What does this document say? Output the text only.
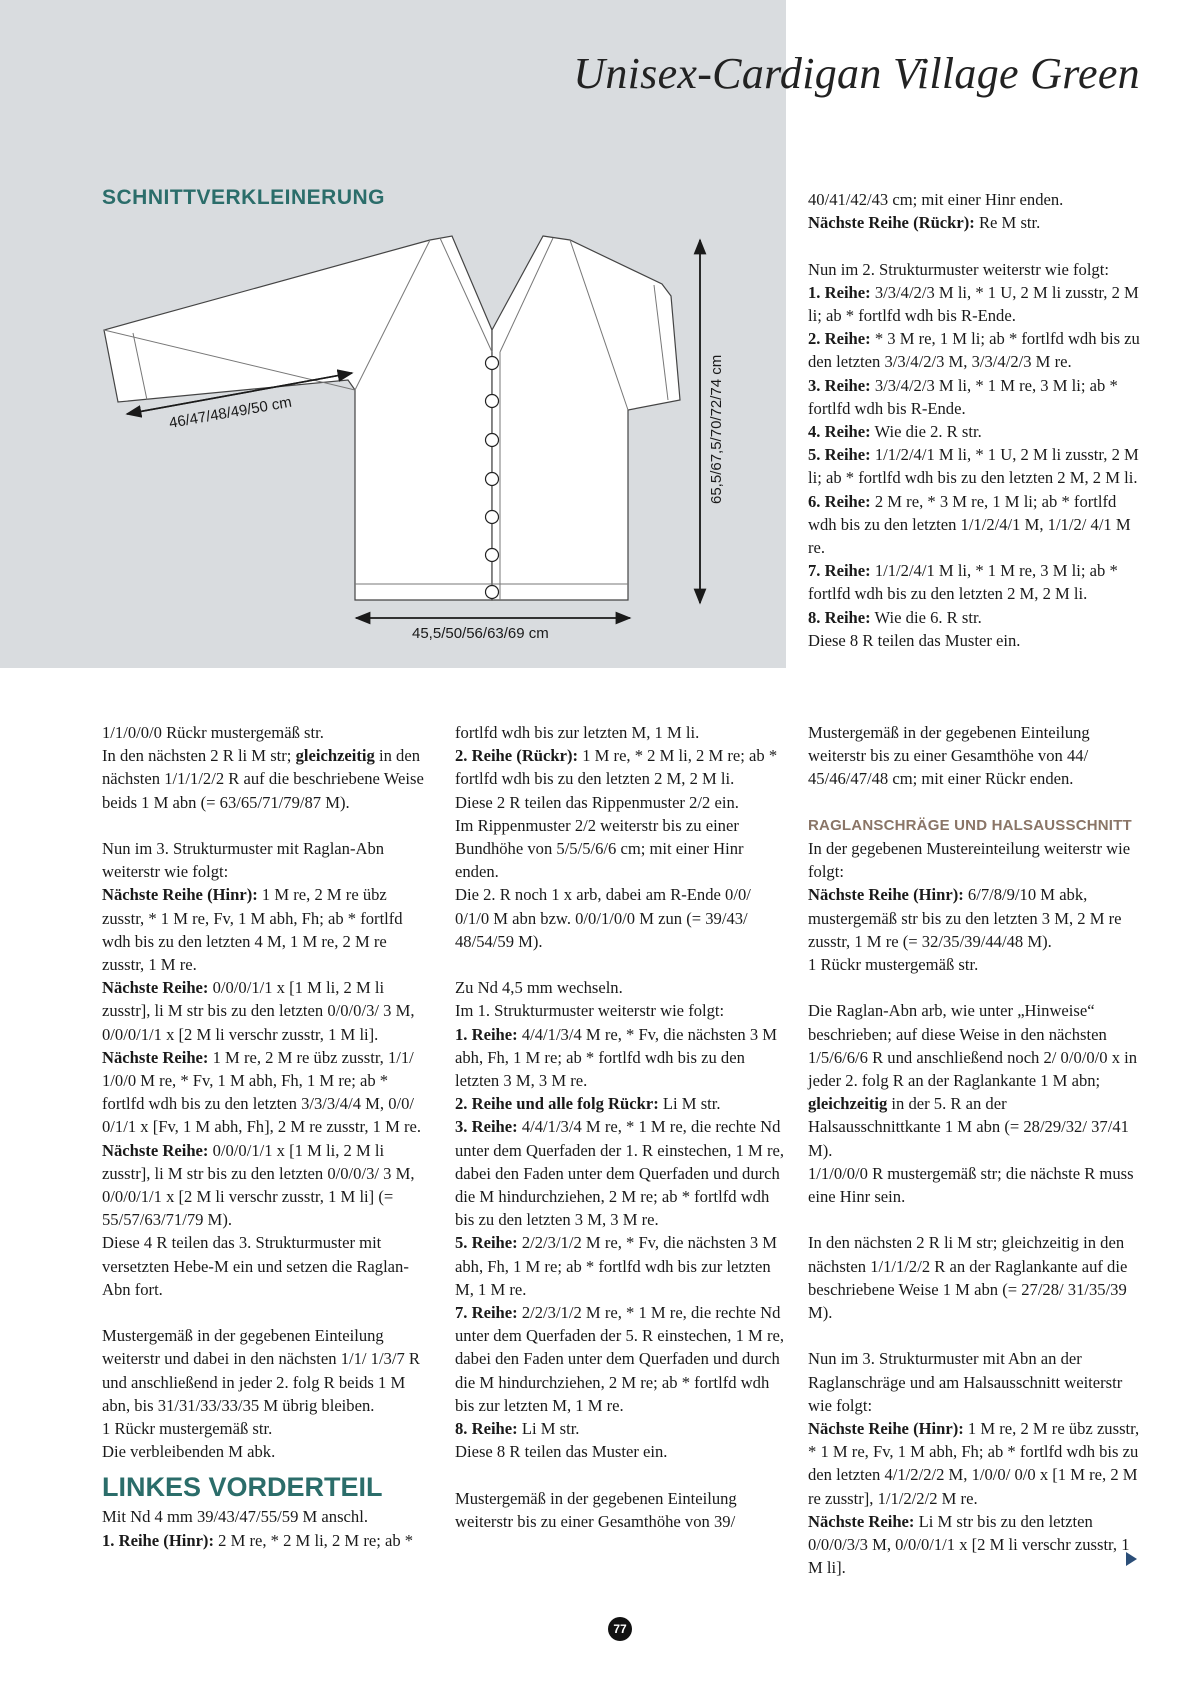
Unisex-Cardigan Village Green
SCHNITTVERKLEINERUNG
46/47/48/49/50 cm
45,5/50/56/63/69 cm
65,5/67,5/70/72/74 cm

40/41/42/43 cm; mit einer Hinr enden.

Nächste Reihe (Rückr): Re M str.

Nun im 2. Strukturmuster weiterstr wie folgt:

1. Reihe: 3/3/4/2/3 M li, * 1 U, 2 M li zusstr, 2 M li; ab * fortlfd wdh bis R-Ende.

2. Reihe: * 3 M re, 1 M li; ab * fortlfd wdh bis zu den letzten 3/3/4/2/3 M, 3/3/4/2/3 M re.

3. Reihe: 3/3/4/2/3 M li, * 1 M re, 3 M li; ab * fortlfd wdh bis R-Ende.

4. Reihe: Wie die 2. R str.

5. Reihe: 1/1/2/4/1 M li, * 1 U, 2 M li zusstr, 2 M li; ab * fortlfd wdh bis zu den letzten 2 M, 2 M li.

6. Reihe: 2 M re, * 3 M re, 1 M li; ab * fortlfd wdh bis zu den letzten 1/1/2/4/1 M, 1/1/2/ 4/1 M re.

7. Reihe: 1/1/2/4/1 M li, * 1 M re, 3 M li; ab * fortlfd wdh bis zu den letzten 2 M, 2 M li.

8. Reihe: Wie die 6. R str.

Diese 8 R teilen das Muster ein.

1/1/0/0/0 Rückr mustergemäß str.

In den nächsten 2 R li M str; gleichzeitig in den nächsten 1/1/1/2/2 R auf die beschriebene Weise beids 1 M abn (= 63/65/71/79/87 M).

Nun im 3. Strukturmuster mit Raglan-Abn weiterstr wie folgt:

Nächste Reihe (Hinr): 1 M re, 2 M re übz zusstr, * 1 M re, Fv, 1 M abh, Fh; ab * fortlfd wdh bis zu den letzten 4 M, 1 M re, 2 M re zusstr, 1 M re.

Nächste Reihe: 0/0/0/1/1 x [1 M li, 2 M li zusstr], li M str bis zu den letzten 0/0/0/3/ 3 M, 0/0/0/1/1 x [2 M li verschr zusstr, 1 M li].

Nächste Reihe: 1 M re, 2 M re übz zusstr, 1/1/ 1/0/0 M re, * Fv, 1 M abh, Fh, 1 M re; ab * fortlfd wdh bis zu den letzten 3/3/3/4/4 M, 0/0/ 0/1/1 x [Fv, 1 M abh, Fh], 2 M re zusstr, 1 M re.

Nächste Reihe: 0/0/0/1/1 x [1 M li, 2 M li zusstr], li M str bis zu den letzten 0/0/0/3/ 3 M, 0/0/0/1/1 x [2 M li verschr zusstr, 1 M li] (= 55/57/63/71/79 M).

Diese 4 R teilen das 3. Strukturmuster mit versetzten Hebe-M ein und setzen die Raglan-Abn fort.

Mustergemäß in der gegebenen Einteilung weiterstr und dabei in den nächsten 1/1/ 1/3/7 R und anschließend in jeder 2. folg R beids 1 M abn, bis 31/31/33/33/35 M übrig bleiben.

1 Rückr mustergemäß str.

Die verbleibenden M abk.

LINKES VORDERTEIL

Mit Nd 4 mm 39/43/47/55/59 M anschl.

1. Reihe (Hinr): 2 M re, * 2 M li, 2 M re; ab *

fortlfd wdh bis zur letzten M, 1 M li.

2. Reihe (Rückr): 1 M re, * 2 M li, 2 M re; ab * fortlfd wdh bis zu den letzten 2 M, 2 M li.

Diese 2 R teilen das Rippenmuster 2/2 ein.

Im Rippenmuster 2/2 weiterstr bis zu einer Bundhöhe von 5/5/5/6/6 cm; mit einer Hinr enden.

Die 2. R noch 1 x arb, dabei am R-Ende 0/0/ 0/1/0 M abn bzw. 0/0/1/0/0 M zun (= 39/43/ 48/54/59 M).

Zu Nd 4,5 mm wechseln.

Im 1. Strukturmuster weiterstr wie folgt:

1. Reihe: 4/4/1/3/4 M re, * Fv, die nächsten 3 M abh, Fh, 1 M re; ab * fortlfd wdh bis zu den letzten 3 M, 3 M re.

2. Reihe und alle folg Rückr: Li M str.

3. Reihe: 4/4/1/3/4 M re, * 1 M re, die rechte Nd unter dem Querfaden der 1. R einstechen, 1 M re, dabei den Faden unter dem Querfaden und durch die M hindurchziehen, 2 M re; ab * fortlfd wdh bis zu den letzten 3 M, 3 M re.

5. Reihe: 2/2/3/1/2 M re, * Fv, die nächsten 3 M abh, Fh, 1 M re; ab * fortlfd wdh bis zur letzten M, 1 M re.

7. Reihe: 2/2/3/1/2 M re, * 1 M re, die rechte Nd unter dem Querfaden der 5. R einstechen, 1 M re, dabei den Faden unter dem Querfaden und durch die M hindurchziehen, 2 M re; ab * fortlfd wdh bis zur letzten M, 1 M re.

8. Reihe: Li M str.

Diese 8 R teilen das Muster ein.

Mustergemäß in der gegebenen Einteilung weiterstr bis zu einer Gesamthöhe von 39/

Mustergemäß in der gegebenen Einteilung weiterstr bis zu einer Gesamthöhe von 44/ 45/46/47/48 cm; mit einer Rückr enden.

RAGLANSCHRÄGE UND HALSAUSSCHNITT

In der gegebenen Mustereinteilung weiterstr wie folgt:

Nächste Reihe (Hinr): 6/7/8/9/10 M abk, mustergemäß str bis zu den letzten 3 M, 2 M re zusstr, 1 M re (= 32/35/39/44/48 M).

1 Rückr mustergemäß str.

Die Raglan-Abn arb, wie unter „Hinweise“ beschrieben; auf diese Weise in den nächsten 1/5/6/6/6 R und anschließend noch 2/ 0/0/0/0 x in jeder 2. folg R an der Raglankante 1 M abn; gleichzeitig in der 5. R an der Halsausschnittkante 1 M abn (= 28/29/32/ 37/41 M).

1/1/0/0/0 R mustergemäß str; die nächste R muss eine Hinr sein.

In den nächsten 2 R li M str; gleichzeitig in den nächsten 1/1/1/2/2 R an der Raglankante auf die beschriebene Weise 1 M abn (= 27/28/ 31/35/39 M).

Nun im 3. Strukturmuster mit Abn an der Raglanschräge und am Halsausschnitt weiterstr wie folgt:

Nächste Reihe (Hinr): 1 M re, 2 M re übz zusstr, * 1 M re, Fv, 1 M abh, Fh; ab * fortlfd wdh bis zu den letzten 4/1/2/2/2 M, 1/0/0/ 0/0 x [1 M re, 2 M re zusstr], 1/1/2/2/2 M re.

Nächste Reihe: Li M str bis zu den letzten 0/0/0/3/3 M, 0/0/0/1/1 x [2 M li verschr zusstr, 1 M li].

77
